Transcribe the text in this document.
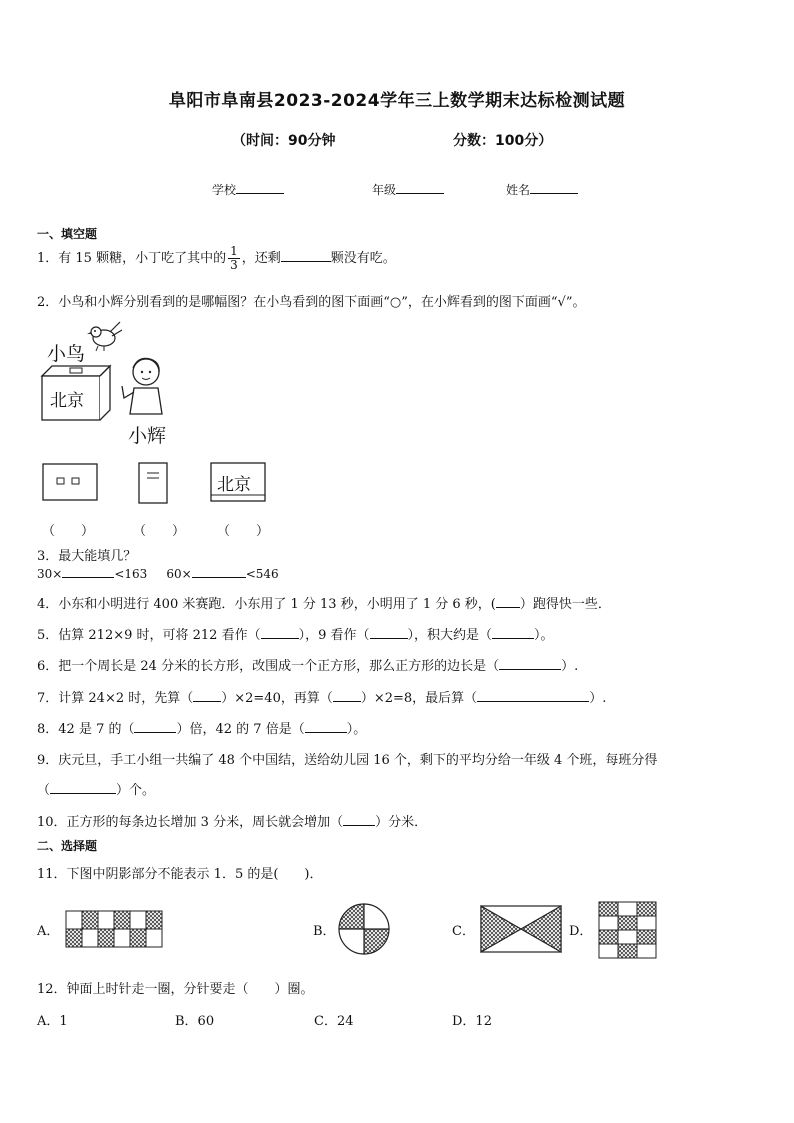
阜阳市阜南县2023-2024学年三上数学期末达标检测试题
（时间：90分钟	分数：100分）
学校	年级	姓名
一、填空题
1．有 15 颗糖，小丁吃了其中的 $\frac{1}{3}$ ，还剩	颗没有吃。
2．小鸟和小辉分别看到的是哪幅图？在小鸟看到的图下面画“○”，在小辉看到的图下面画“√”。
小鸟
北京
小辉
北京
（　　）	（　　） （　　）
3．最大能填几？
30×	<163 60×	<546
4．小东和小明进行 400 米赛跑．小东用了 1 分 13 秒，小明用了 1 分 6 秒，( ）跑得快一些．
5．估算 212×9 时，可将 212 看作（	），9 看作（	），积大约是（	）。
6．把一个周长是 24 分米的长方形，改围成一个正方形，那么正方形的边长是（	）.
7．计算 24×2 时，先算（ ）×2=40，再算（ ）×2=8，最后算（	）.
8．42 是 7 的（	）倍，42 的 7 倍是（	）。
9．庆元旦，手工小组一共编了 48 个中国结，送给幼儿园 16 个，剩下的平均分给一年级 4 个班，每班分得
（	）个。
10．正方形的每条边长增加 3 分米，周长就会增加（ ）分米．
二、选择题
11．下图中阴影部分不能表示 1．5 的是(　　)．
A．	B．	C．	D．
12．钟面上时针走一圈，分针要走（　　）圈。
A．1	B．60	C．24	D．12
